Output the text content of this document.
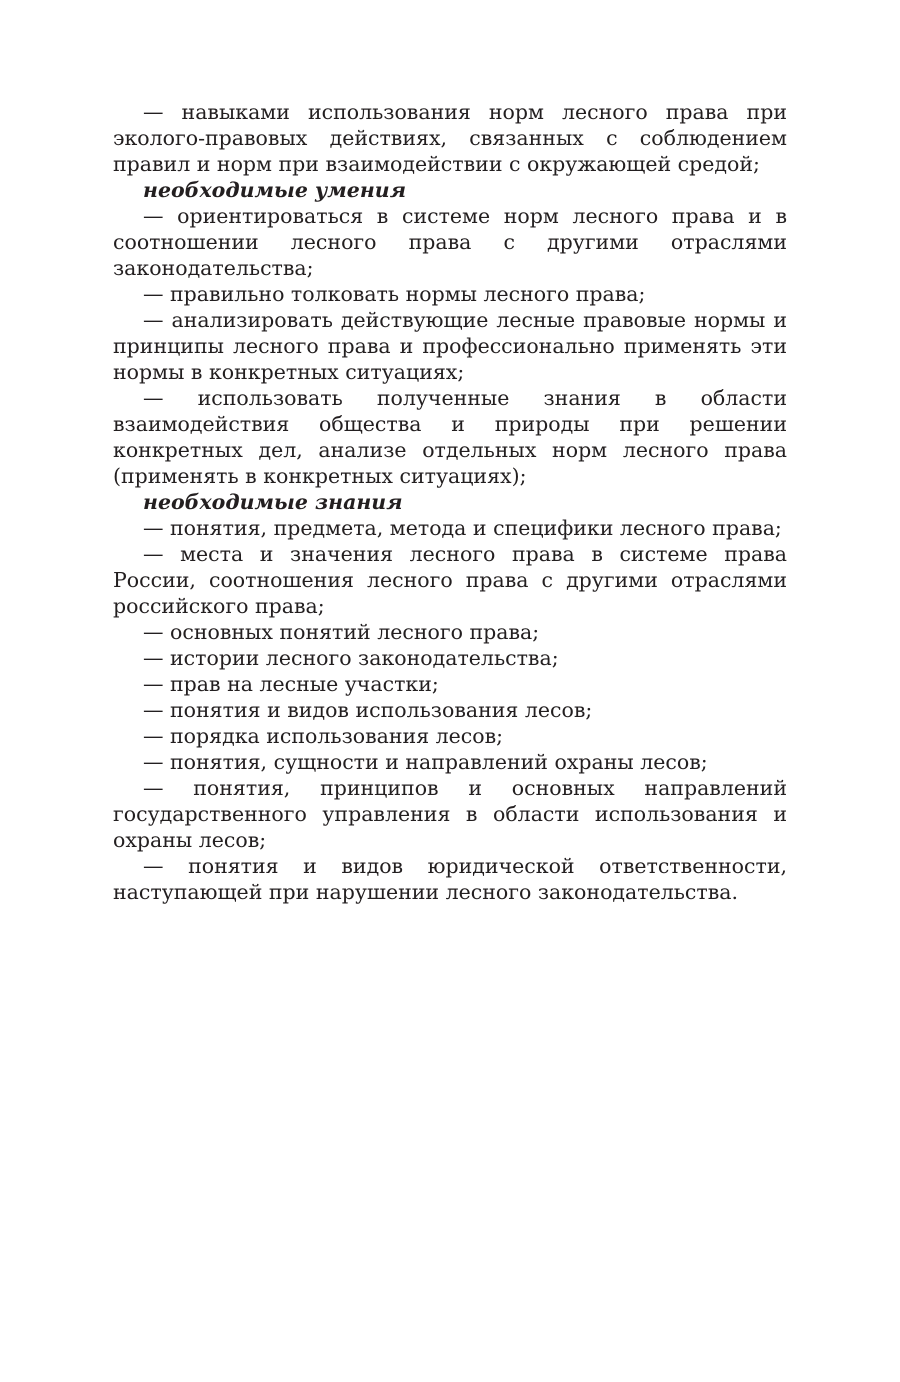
— навыками использования норм лесного права при эколого-правовых действиях, связанных с соблюдением правил и норм при взаимодействии с окружающей средой;

необходимые умения

— ориентироваться в системе норм лесного права и в соотношении лесного права с другими отраслями законодательства;

— правильно толковать нормы лесного права;

— анализировать действующие лесные правовые нормы и принципы лесного права и профессионально применять эти нормы в конкретных ситуациях;

— использовать полученные знания в области взаимодействия общества и природы при решении конкретных дел, анализе отдельных норм лесного права (применять в конкретных ситуациях);

необходимые знания

— понятия, предмета, метода и специфики лесного права;

— места и значения лесного права в системе права России, соотношения лесного права с другими отраслями российского права;

— основных понятий лесного права;

— истории лесного законодательства;

— прав на лесные участки;

— понятия и видов использования лесов;

— порядка использования лесов;

— понятия, сущности и направлений охраны лесов;

— понятия, принципов и основных направлений государственного управления в области использования и охраны лесов;

— понятия и видов юридической ответственности, наступающей при нарушении лесного законодательства.
